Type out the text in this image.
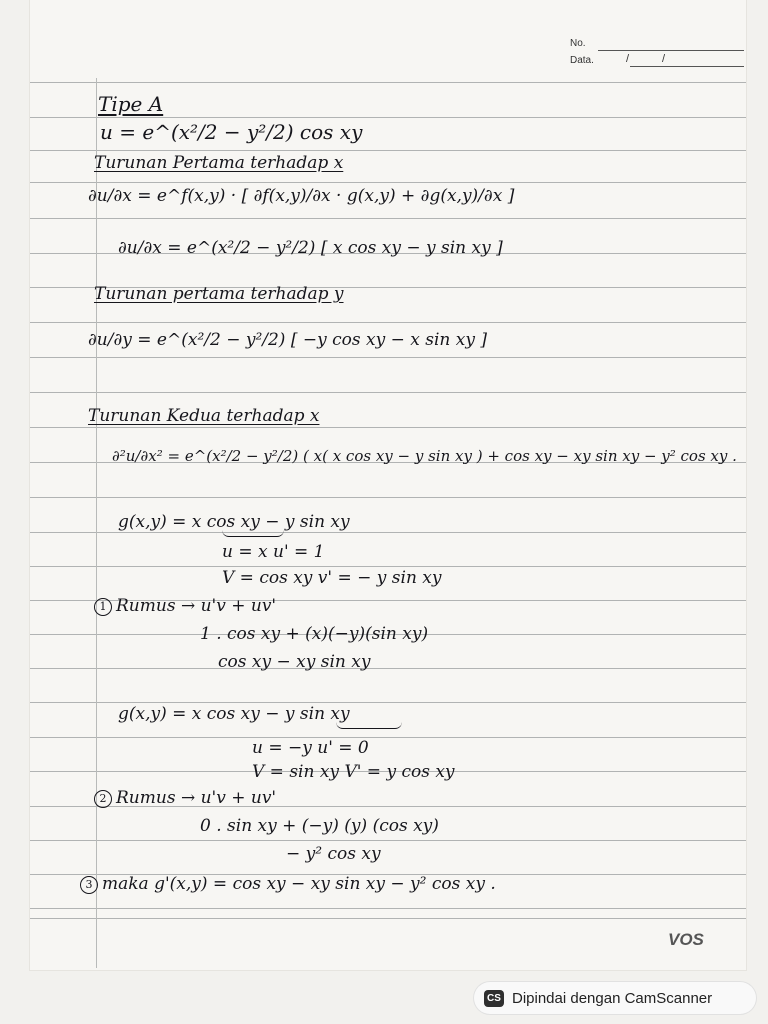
No.
Data.	/	/
Tipe A
u = e^(x²/2 − y²/2) cos xy
Turunan Pertama terhadap x
∂u/∂x = e^f(x,y) · [ ∂f(x,y)/∂x · g(x,y) + ∂g(x,y)/∂x ]
∂u/∂x = e^(x²/2 − y²/2) [ x cos xy − y sin xy ]
Turunan pertama terhadap y
∂u/∂y = e^(x²/2 − y²/2) [ −y cos xy − x sin xy ]
Turunan Kedua terhadap x
∂²u/∂x² = e^(x²/2 − y²/2) ( x( x cos xy − y sin xy ) + cos xy − xy sin xy − y² cos xy .
g(x,y) = x cos xy − y sin xy
u = x u' = 1
V = cos xy v' = − y sin xy
1 Rumus → u'v + uv'
1 . cos xy + (x)(−y)(sin xy)
cos xy − xy sin xy
g(x,y) = x cos xy − y sin xy
u = −y u' = 0
V = sin xy V' = y cos xy
2 Rumus → u'v + uv'
0 . sin xy + (−y) (y) (cos xy)
− y² cos xy
3 maka g'(x,y) = cos xy − xy sin xy − y² cos xy .
VOS
CS Dipindai dengan CamScanner
